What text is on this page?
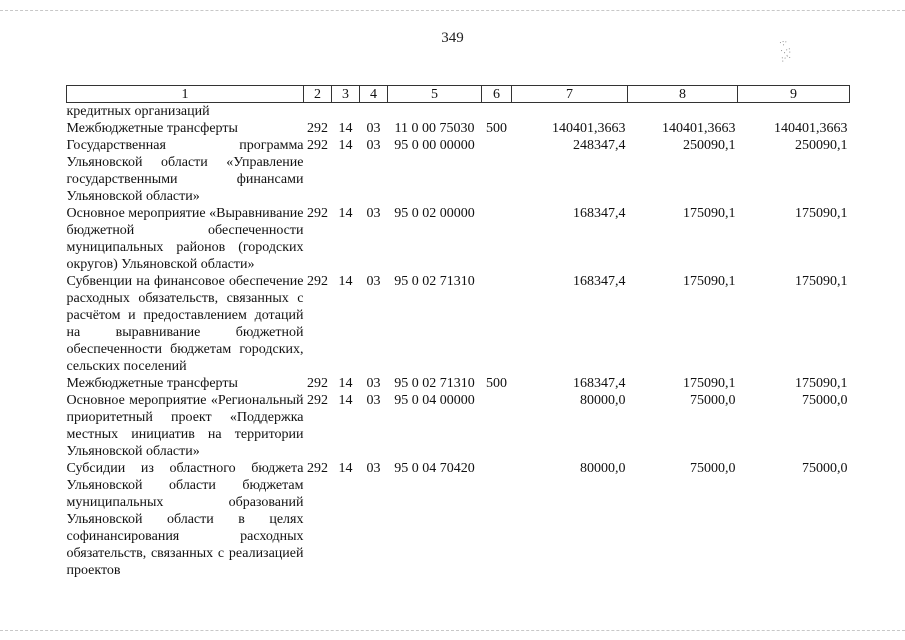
349	·:·
·.·:
:·'·
1	2	3	4	5	6	7	8	9
кредитных организаций								
Межбюджетные трансферты	292	14	03	11 0 00 75030	500	140401,3663	140401,3663	140401,3663
Государственная программа Ульяновской области «Управление государственными финансами Ульяновской области»	292	14	03	95 0 00 00000		248347,4	250090,1	250090,1
Основное мероприятие «Выравнивание бюджетной обеспеченности муниципальных районов (городских округов) Ульяновской области»	292	14	03	95 0 02 00000		168347,4	175090,1	175090,1
Субвенции на финансовое обеспечение расходных обязательств, связанных с расчётом и предоставлением дотаций на выравнивание бюджетной обеспеченности бюджетам городских, сельских поселений	292	14	03	95 0 02 71310		168347,4	175090,1	175090,1
Межбюджетные трансферты	292	14	03	95 0 02 71310	500	168347,4	175090,1	175090,1
Основное мероприятие «Региональный приоритетный проект «Поддержка местных инициатив на территории Ульяновской области»	292	14	03	95 0 04 00000		80000,0	75000,0	75000,0
Субсидии из областного бюджета Ульяновской области бюджетам муниципальных образований Ульяновской области в целях софинансирования расходных обязательств, связанных с реализацией проектов	292	14	03	95 0 04 70420		80000,0	75000,0	75000,0
